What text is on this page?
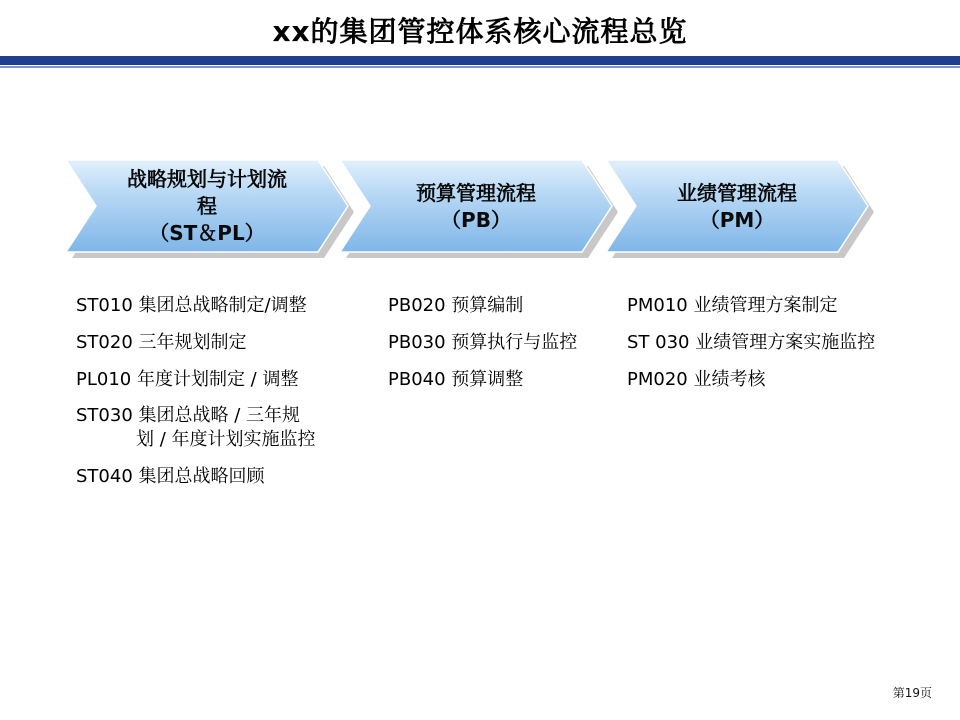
xx的集团管控体系核心流程总览
战略规划与计划流
程
（ST＆PL）
预算管理流程
（PB）
业绩管理流程
（PM）
ST010 集团总战略制定/调整
ST020 三年规划制定
PL010 年度计划制定 / 调整
ST030 集团总战略 / 三年规
划 / 年度计划实施监控
ST040 集团总战略回顾
PB020 预算编制
PB030 预算执行与监控
PB040 预算调整
PM010 业绩管理方案制定
ST 030 业绩管理方案实施监控
PM020 业绩考核
第19页
